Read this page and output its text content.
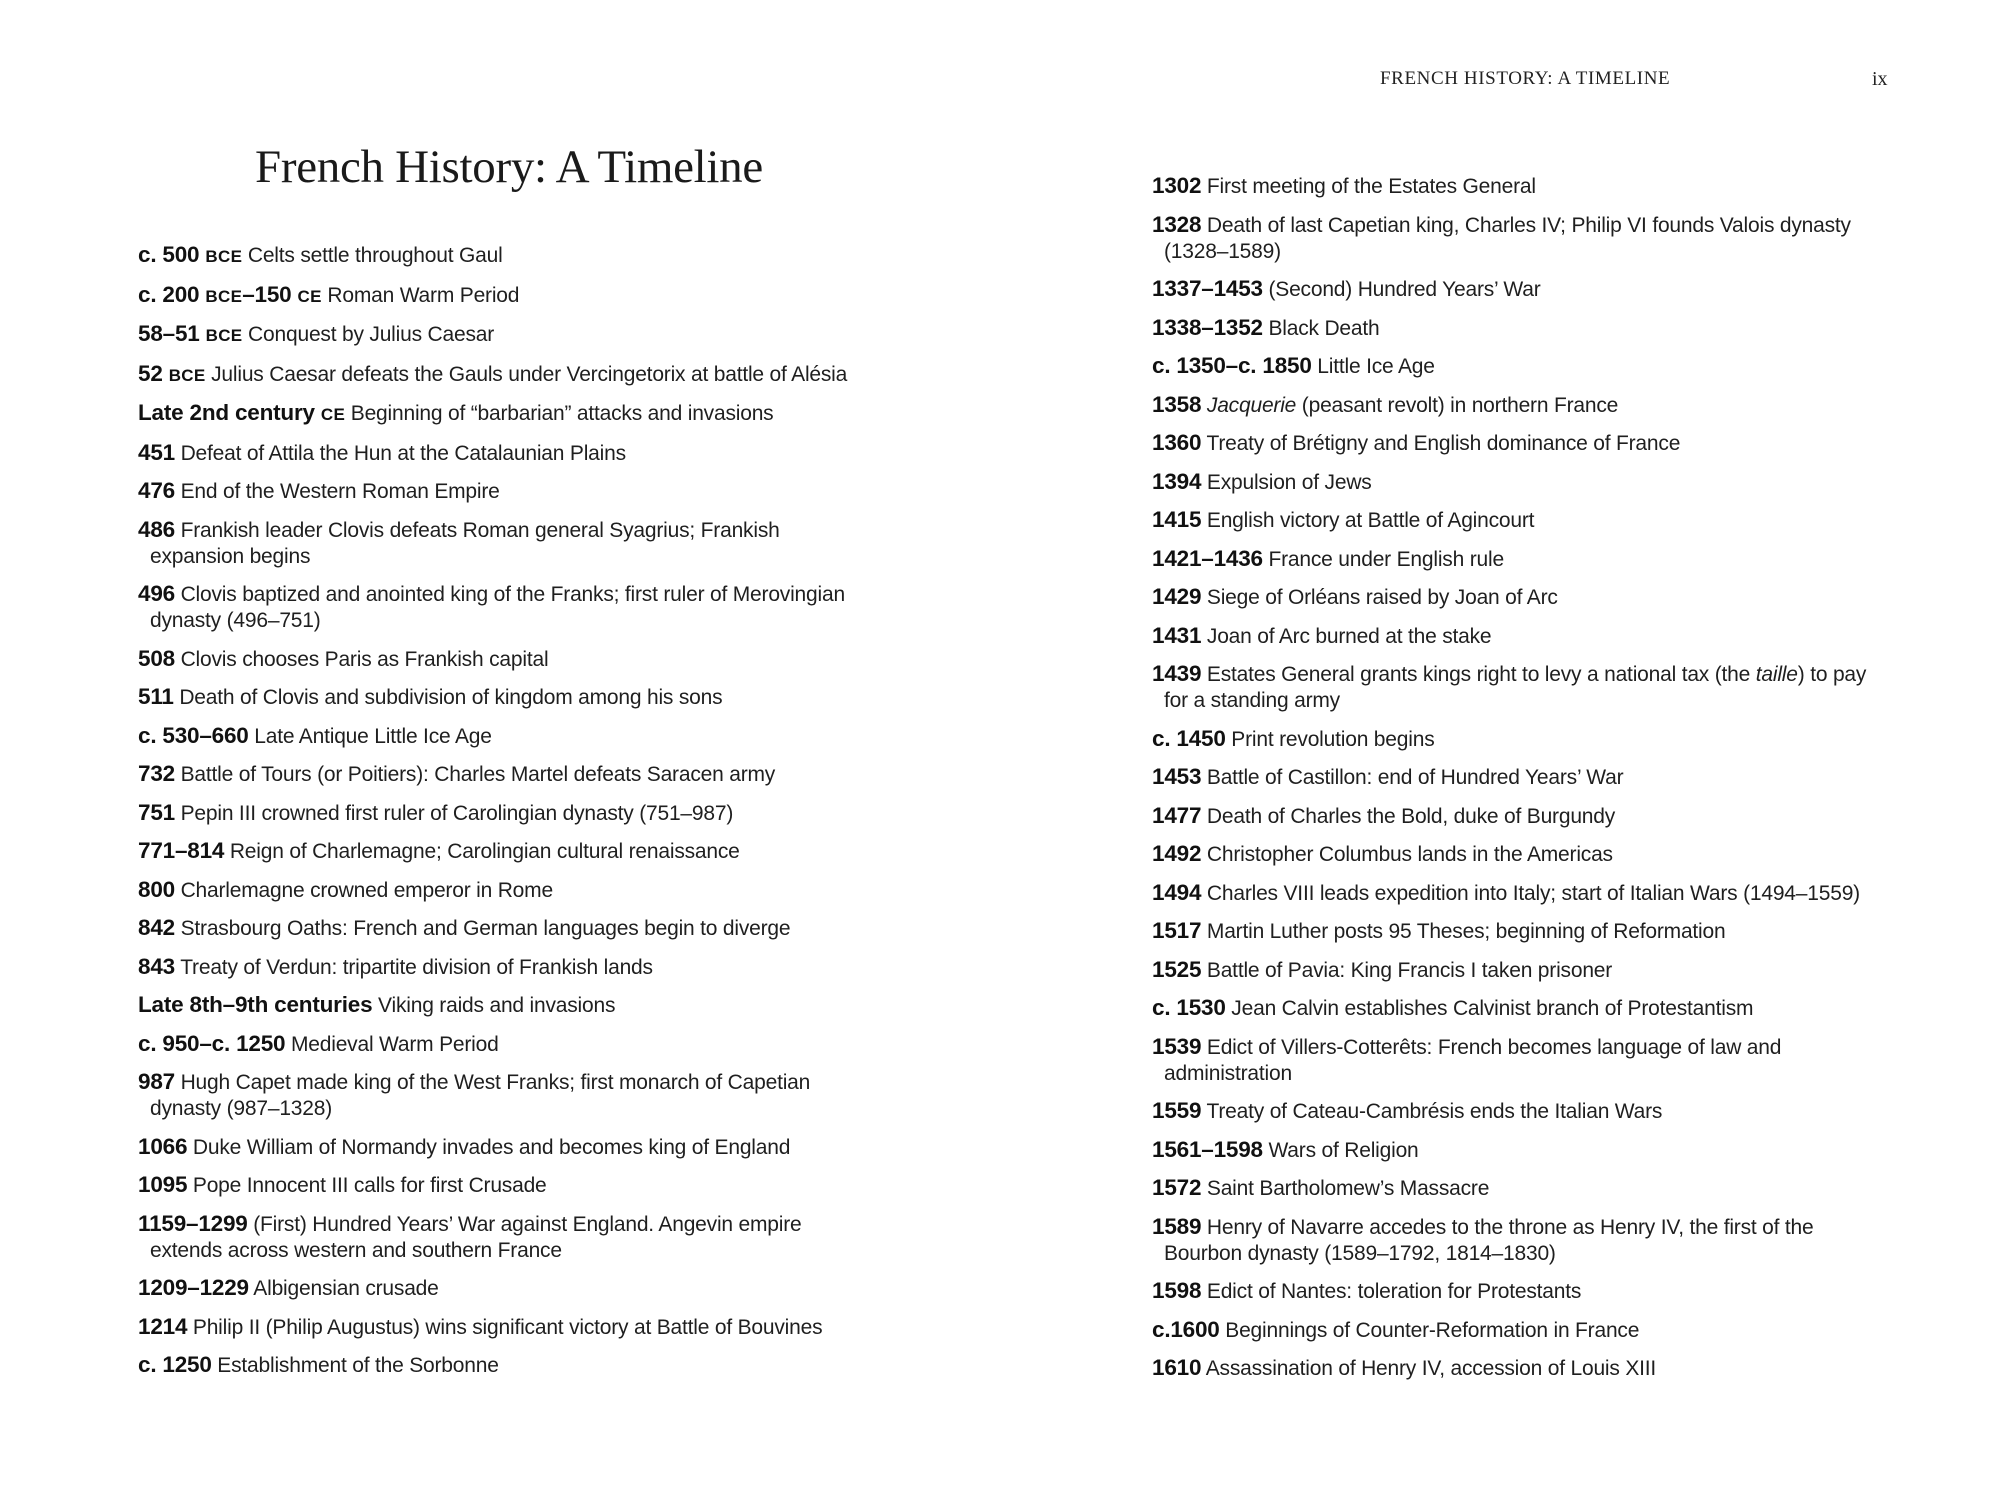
French History: A Timeline
c. 500 BCE Celts settle throughout Gaul
c. 200 BCE–150 CE Roman Warm Period
58–51 BCE Conquest by Julius Caesar
52 BCE Julius Caesar defeats the Gauls under Vercingetorix at battle of Alésia
Late 2nd century CE Beginning of “barbarian” attacks and invasions
451 Defeat of Attila the Hun at the Catalaunian Plains
476 End of the Western Roman Empire
486 Frankish leader Clovis defeats Roman general Syagrius; Frankish expansion begins
496 Clovis baptized and anointed king of the Franks; first ruler of Merovingian dynasty (496–751)
508 Clovis chooses Paris as Frankish capital
511 Death of Clovis and subdivision of kingdom among his sons
c. 530–660 Late Antique Little Ice Age
732 Battle of Tours (or Poitiers): Charles Martel defeats Saracen army
751 Pepin III crowned first ruler of Carolingian dynasty (751–987)
771–814 Reign of Charlemagne; Carolingian cultural renaissance
800 Charlemagne crowned emperor in Rome
842 Strasbourg Oaths: French and German languages begin to diverge
843 Treaty of Verdun: tripartite division of Frankish lands
Late 8th–9th centuries Viking raids and invasions
c. 950–c. 1250 Medieval Warm Period
987 Hugh Capet made king of the West Franks; first monarch of Capetian dynasty (987–1328)
1066 Duke William of Normandy invades and becomes king of England
1095 Pope Innocent III calls for first Crusade
1159–1299 (First) Hundred Years’ War against England. Angevin empire extends across western and southern France
1209–1229 Albigensian crusade
1214 Philip II (Philip Augustus) wins significant victory at Battle of Bouvines
c. 1250 Establishment of the Sorbonne
FRENCH HISTORY: A TIMELINE	ix
1302 First meeting of the Estates General
1328 Death of last Capetian king, Charles IV; Philip VI founds Valois dynasty (1328–1589)
1337–1453 (Second) Hundred Years’ War
1338–1352 Black Death
c. 1350–c. 1850 Little Ice Age
1358 Jacquerie (peasant revolt) in northern France
1360 Treaty of Brétigny and English dominance of France
1394 Expulsion of Jews
1415 English victory at Battle of Agincourt
1421–1436 France under English rule
1429 Siege of Orléans raised by Joan of Arc
1431 Joan of Arc burned at the stake
1439 Estates General grants kings right to levy a national tax (the taille) to pay for a standing army
c. 1450 Print revolution begins
1453 Battle of Castillon: end of Hundred Years’ War
1477 Death of Charles the Bold, duke of Burgundy
1492 Christopher Columbus lands in the Americas
1494 Charles VIII leads expedition into Italy; start of Italian Wars (1494–1559)
1517 Martin Luther posts 95 Theses; beginning of Reformation
1525 Battle of Pavia: King Francis I taken prisoner
c. 1530 Jean Calvin establishes Calvinist branch of Protestantism
1539 Edict of Villers-Cotterêts: French becomes language of law and administration
1559 Treaty of Cateau-Cambrésis ends the Italian Wars
1561–1598 Wars of Religion
1572 Saint Bartholomew’s Massacre
1589 Henry of Navarre accedes to the throne as Henry IV, the first of the Bourbon dynasty (1589–1792, 1814–1830)
1598 Edict of Nantes: toleration for Protestants
c.1600 Beginnings of Counter-Reformation in France
1610 Assassination of Henry IV, accession of Louis XIII
